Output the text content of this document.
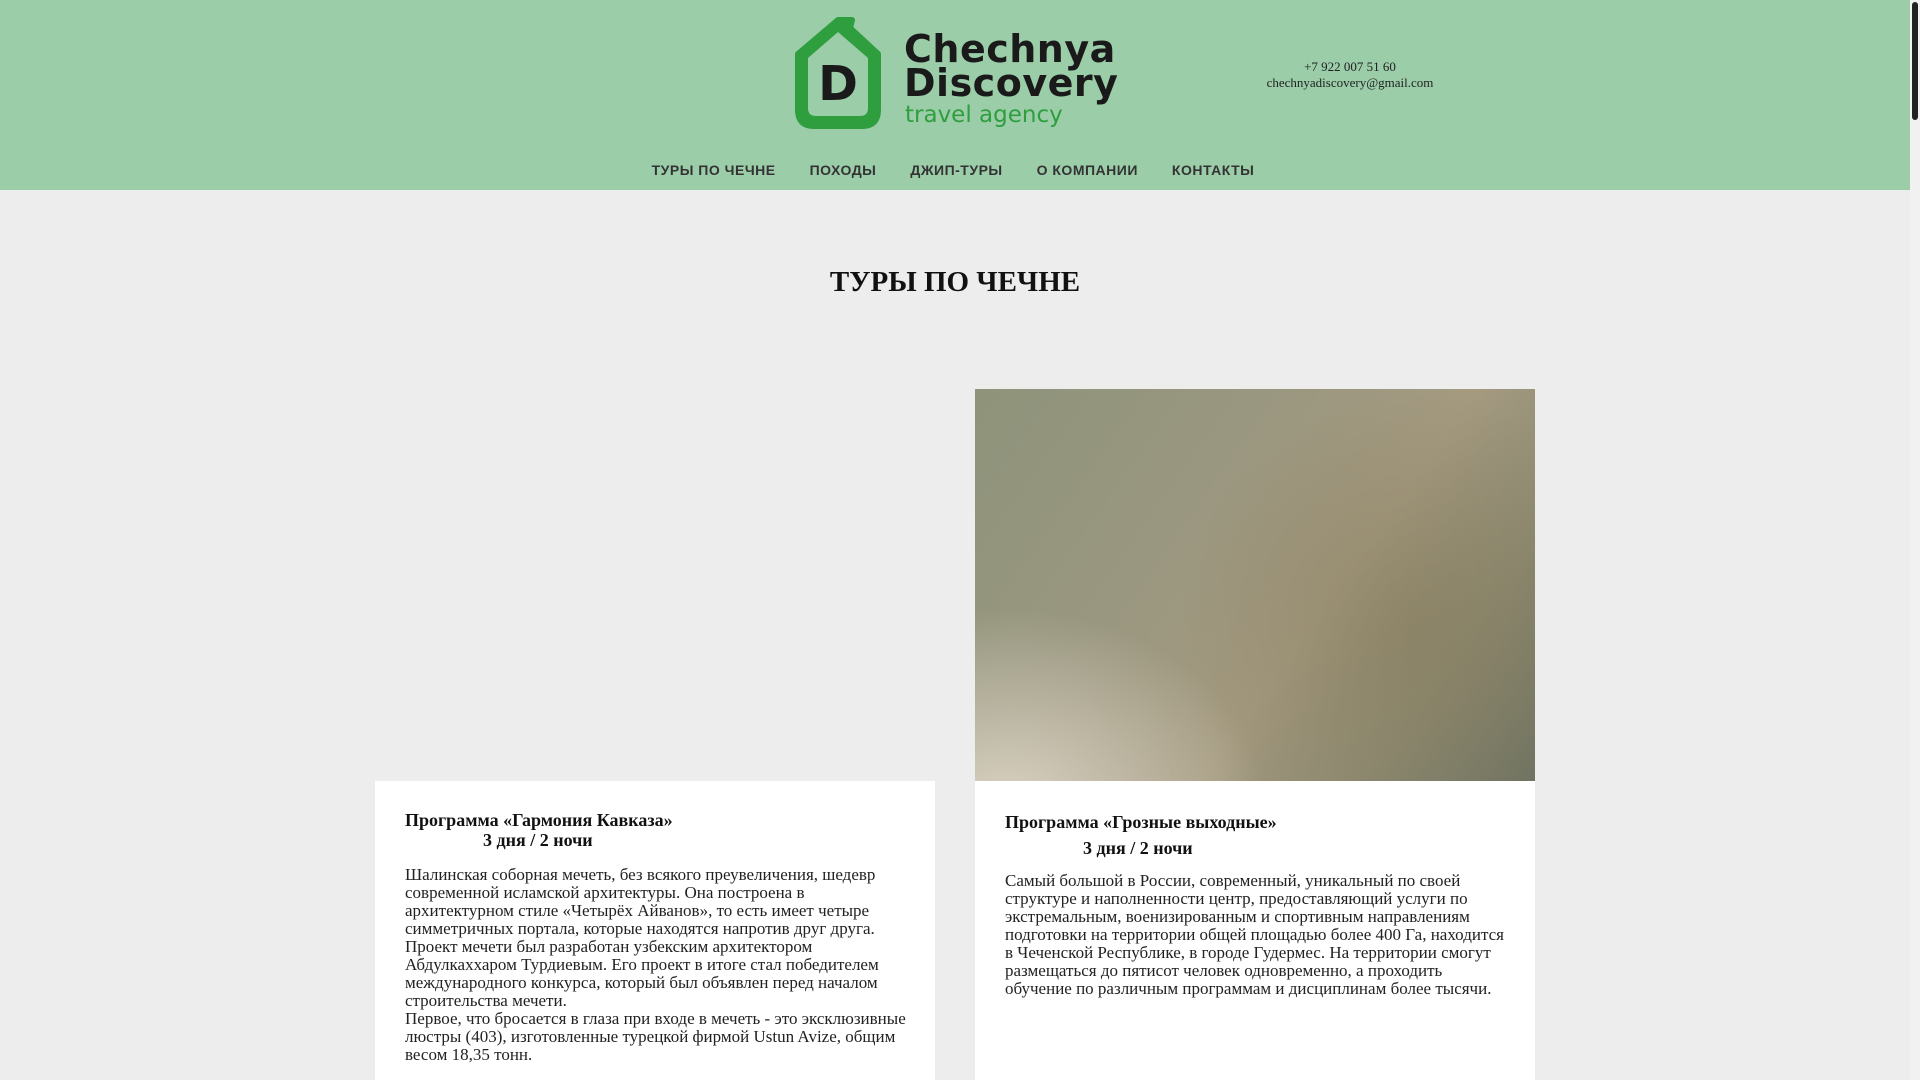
D
Chechnya
Discovery
travel agency
+7 922 007 51 60
chechnyadiscovery@gmail.com
ТУРЫ ПО ЧЕЧНЕ ПОХОДЫ ДЖИП-ТУРЫ О КОМПАНИИ КОНТАКТЫ
ТУРЫ ПО ЧЕЧНЕ
Программа «Гармония Кавказа»
3 дня / 2 ночи

Шалинская соборная мечеть, без всякого преувеличения, шедевр современной исламской архитектуры. Она построена в архитектурном стиле «Четырёх Айванов», то есть имеет четыре симметричных портала, которые находятся напротив друг друга. Проект мечети был разработан узбекским архитектором Абдулкаххаром Турдиевым. Его проект в итоге стал победителем международного конкурса, который был объявлен перед началом строительства мечети.

Первое, что бросается в глаза при входе в мечеть - это эксклюзивные люстры (403), изготовленные турецкой фирмой Ustun Avize, общим весом 18,35 тонн.

Программа «Грозные выходные»
3 дня / 2 ночи

Самый большой в России, современный, уникальный по своей структуре и наполненности центр, предоставляющий услуги по экстремальным, военизированным и спортивным направлениям подготовки на территории общей площадью более 400 Га, находится в Чеченской Республике, в городе Гудермес. На территории смогут размещаться до пятисот человек одновременно, а проходить обучение по различным программам и дисциплинам более тысячи.
